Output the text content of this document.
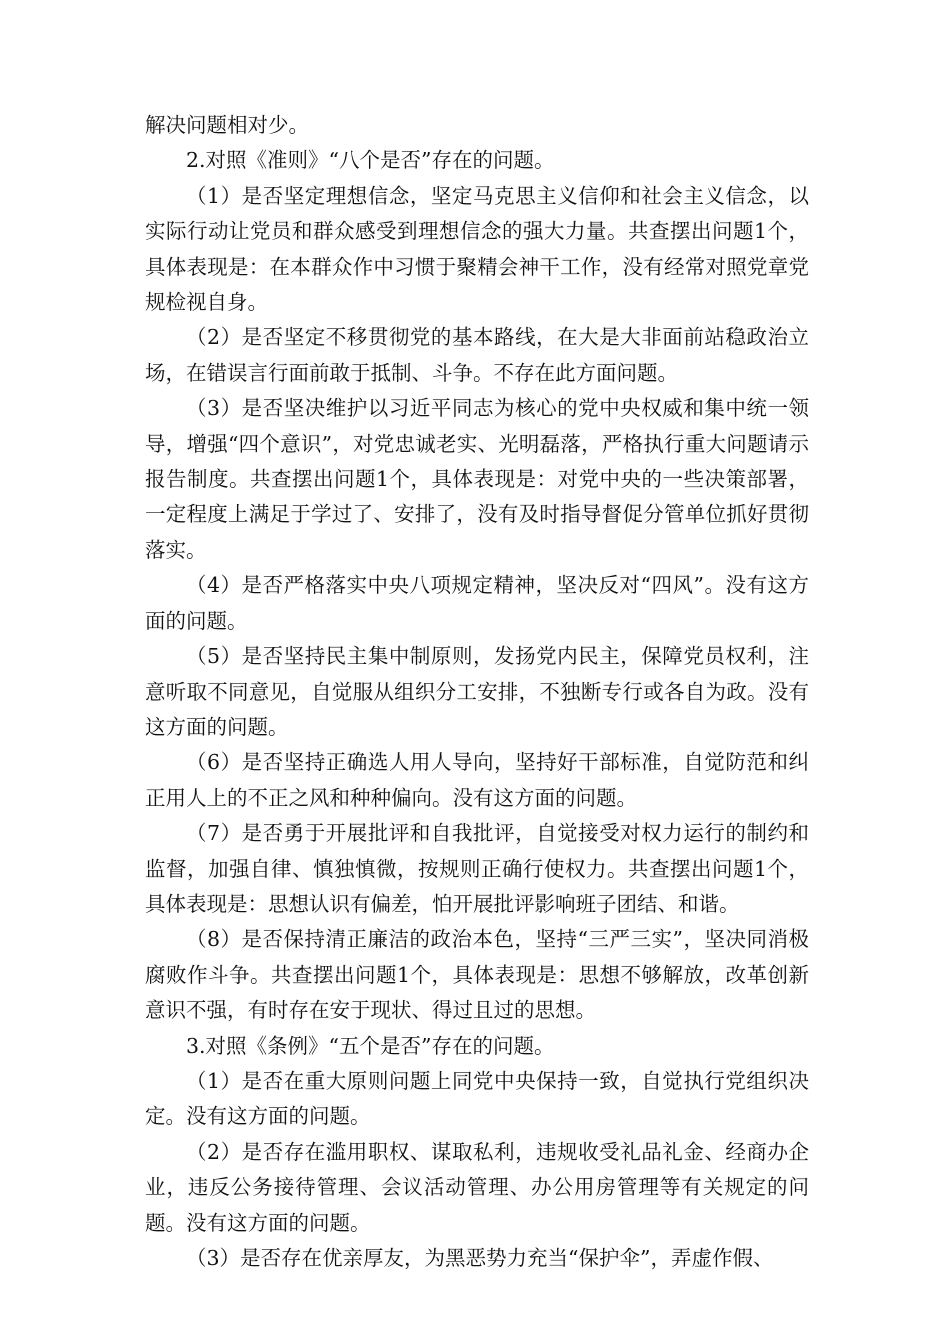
解决问题相对少。

2.对照《准则》“八个是否”存在的问题。

（1）是否坚定理想信念，坚定马克思主义信仰和社会主义信念，以实际行动让党员和群众感受到理想信念的强大力量。共查摆出问题1个，具体表现是：在本群众作中习惯于聚精会神干工作，没有经常对照党章党规检视自身。

（2）是否坚定不移贯彻党的基本路线，在大是大非面前站稳政治立场，在错误言行面前敢于抵制、斗争。不存在此方面问题。

（3）是否坚决维护以习近平同志为核心的党中央权威和集中统一领导，增强“四个意识”，对党忠诚老实、光明磊落，严格执行重大问题请示报告制度。共查摆出问题1个，具体表现是：对党中央的一些决策部署，一定程度上满足于学过了、安排了，没有及时指导督促分管单位抓好贯彻落实。

（4）是否严格落实中央八项规定精神，坚决反对“四风”。没有这方面的问题。

（5）是否坚持民主集中制原则，发扬党内民主，保障党员权利，注意听取不同意见，自觉服从组织分工安排，不独断专行或各自为政。没有这方面的问题。

（6）是否坚持正确选人用人导向，坚持好干部标准，自觉防范和纠正用人上的不正之风和种种偏向。没有这方面的问题。

（7）是否勇于开展批评和自我批评，自觉接受对权力运行的制约和监督，加强自律、慎独慎微，按规则正确行使权力。共查摆出问题1个，具体表现是：思想认识有偏差，怕开展批评影响班子团结、和谐。

（8）是否保持清正廉洁的政治本色，坚持“三严三实”，坚决同消极腐败作斗争。共查摆出问题1个，具体表现是：思想不够解放，改革创新意识不强，有时存在安于现状、得过且过的思想。

3.对照《条例》“五个是否”存在的问题。

（1）是否在重大原则问题上同党中央保持一致，自觉执行党组织决定。没有这方面的问题。

（2）是否存在滥用职权、谋取私利，违规收受礼品礼金、经商办企业，违反公务接待管理、会议活动管理、办公用房管理等有关规定的问题。没有这方面的问题。

（3）是否存在优亲厚友，为黑恶势力充当“保护伞”，弄虚作假、
